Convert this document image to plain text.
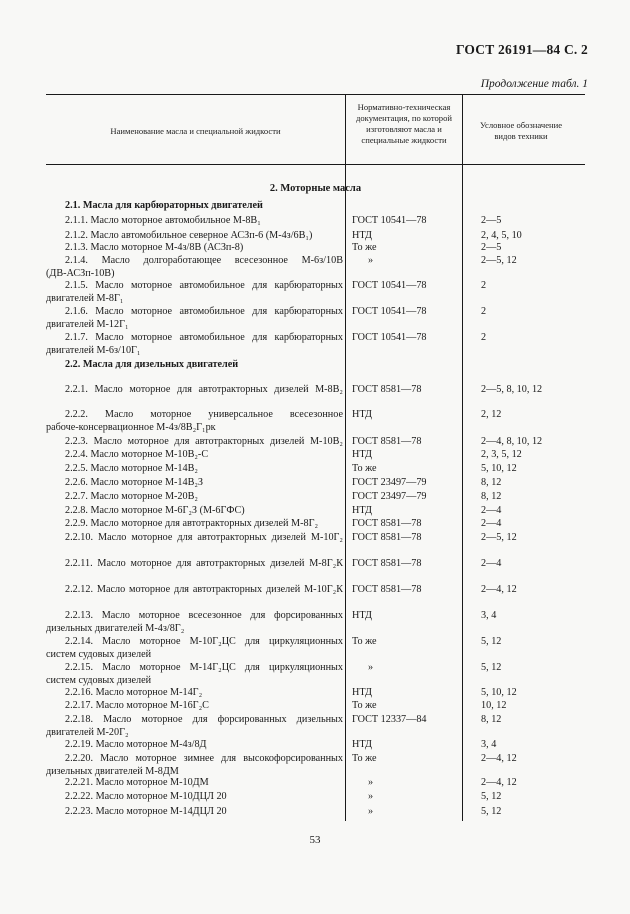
ГОСТ 26191—84 С. 2
Продолжение табл. 1
Наименование масла и специальной жидкости
Нормативно-техническая документация, по которой изготовляют масла и специальные жидкости
Условное обозначение видов техники
2. Моторные масла
2.1. Масла для карбюраторных двигателей
2.2. Масла для дизельных двигателей
2.1.1. Масло моторное автомобильное М-8В₁	ГОСТ 10541—78	2—5
2.1.2. Масло автомобильное северное АСЗп-6 (М-4з/6В₁)	НТД	2, 4, 5, 10
2.1.3. Масло моторное М-4з/8В (АСЗп-8)	То же	2—5
2.1.4. Масло долгоработающее всесезонное М-6з/10В
(ДВ-АСЗп-10В)
»	2—5, 12
2.1.5. Масло моторное автомобильное для карбюраторных
двигателей М-8Г₁
ГОСТ 10541—78	2
2.1.6. Масло моторное автомобильное для карбюраторных
двигателей М-12Г₁
ГОСТ 10541—78	2
2.1.7. Масло моторное автомобильное для карбюраторных
двигателей М-6з/10Г₁
ГОСТ 10541—78	2
2.2.1. Масло моторное для автотракторных дизелей М-8В₂ ГОСТ 8581—78	2—5, 8, 10, 12
2.2.2. Масло моторное универсальное всесезонное
рабоче-консервационное М-4з/8В₂Г₁рк
НТД	2, 12
2.2.3. Масло моторное для автотракторных дизелей М-10В₂ ГОСТ 8581—78	2—4, 8, 10, 12
2.2.4. Масло моторное М-10В₂-С	НТД	2, 3, 5, 12
2.2.5. Масло моторное М-14В₂	То же	5, 10, 12
2.2.6. Масло моторное М-14В₂З	ГОСТ 23497—79	8, 12
2.2.7. Масло моторное М-20В₂	ГОСТ 23497—79	8, 12
2.2.8. Масло моторное М-6Г₂З (М-6ГФС)	НТД	2—4
2.2.9. Масло моторное для автотракторных дизелей М-8Г₂	ГОСТ 8581—78	2—4
2.2.10. Масло моторное для автотракторных дизелей М-10Г₂ ГОСТ 8581—78	2—5, 12
2.2.11. Масло моторное для автотракторных дизелей М-8Г₂К ГОСТ 8581—78	2—4
2.2.12. Масло моторное для автотракторных дизелей М-10Г₂К ГОСТ 8581—78	2—4, 12
2.2.13. Масло моторное всесезонное для форсированных
дизельных двигателей М-4з/8Г₂
НТД	3, 4
2.2.14. Масло моторное М-10Г₂ЦС для циркуляционных
систем судовых дизелей
То же	5, 12
2.2.15. Масло моторное М-14Г₂ЦС для циркуляционных
систем судовых дизелей
»	5, 12
2.2.16. Масло моторное М-14Г₂	НТД	5, 10, 12
2.2.17. Масло моторное М-16Г₂С	То же	10, 12
2.2.18. Масло моторное для форсированных дизельных
двигателей М-20Г₂
ГОСТ 12337—84	8, 12
2.2.19. Масло моторное М-4з/8Д	НТД	3, 4
2.2.20. Масло моторное зимнее для высокофорсированных
дизельных двигателей М-8ДМ
То же	2—4, 12
2.2.21. Масло моторное М-10ДМ	»	2—4, 12
2.2.22. Масло моторное М-10ДЦЛ 20	»	5, 12
2.2.23. Масло моторное М-14ДЦЛ 20	»	5, 12
53
